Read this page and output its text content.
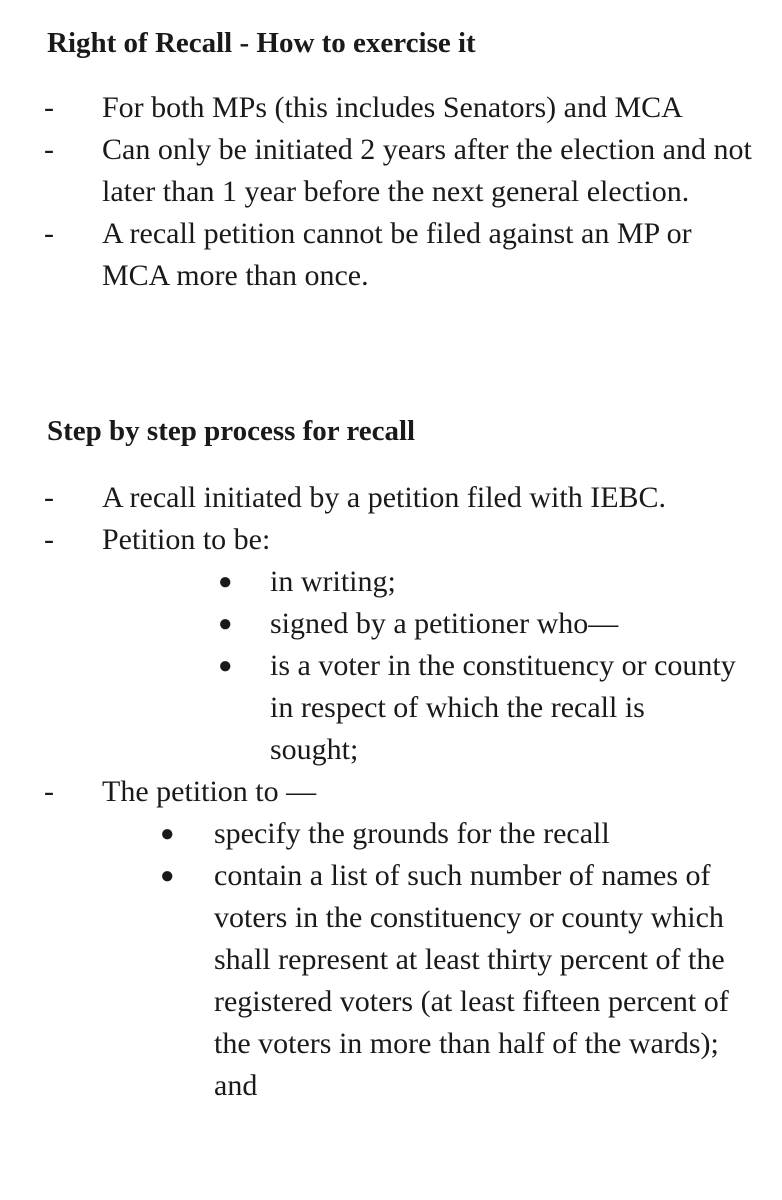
Right of Recall - How to exercise it
- For both MPs (this includes Senators) and MCA
- Can only be initiated 2 years after the election and not later than 1 year before the next general election.
- A recall petition cannot be filed against an MP or MCA more than once.
Step by step process for recall
- A recall initiated by a petition filed with IEBC.
- Petition to be:
● in writing;
● signed by a petitioner who—
● is a voter in the constituency or county in respect of which the recall is sought;
- The petition to —
● specify the grounds for the recall
● contain a list of such number of names of voters in the constituency or county which shall represent at least thirty percent of the registered voters (at least fifteen percent of the voters in more than half of the wards); and
